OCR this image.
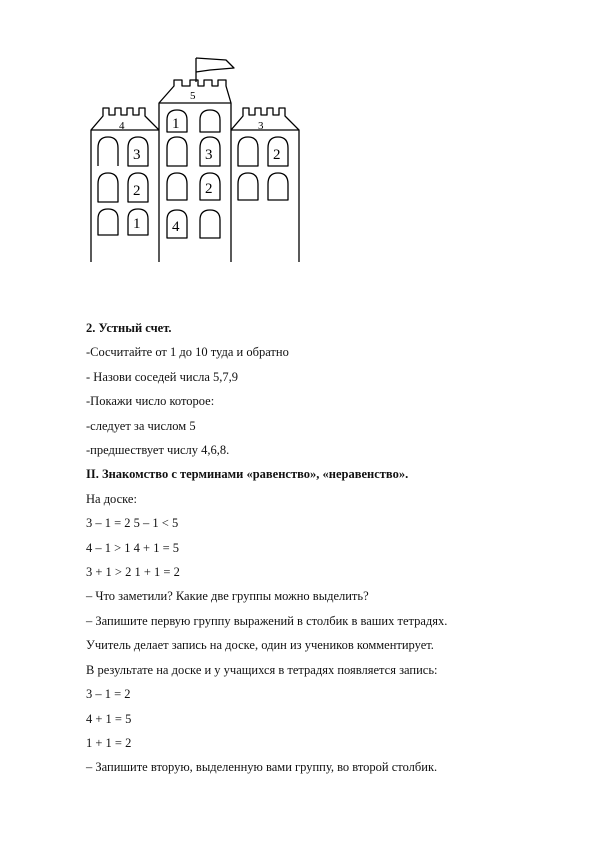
4
5
3
3
2
1
1
3
2
4
2

2. Устный счет.

-Сосчитайте от 1 до 10 туда и обратно

- Назови соседей числа 5,7,9

-Покажи число которое:

-следует за числом 5

-предшествует числу 4,6,8.

II. Знакомство с терминами «равенство», «неравенство».

На доске:

3 – 1 = 2 5 – 1 < 5

4 – 1 > 1 4 + 1 = 5

3 + 1 > 2 1 + 1 = 2

– Что заметили? Какие две группы можно выделить?

– Запишите первую группу выражений в столбик в ваших тетрадях.

Учитель делает запись на доске, один из учеников комментирует.

В результате на доске и у учащихся в тетрадях появляется запись:

3 – 1 = 2

4 + 1 = 5

1 + 1 = 2

– Запишите вторую, выделенную вами группу, во второй столбик.
